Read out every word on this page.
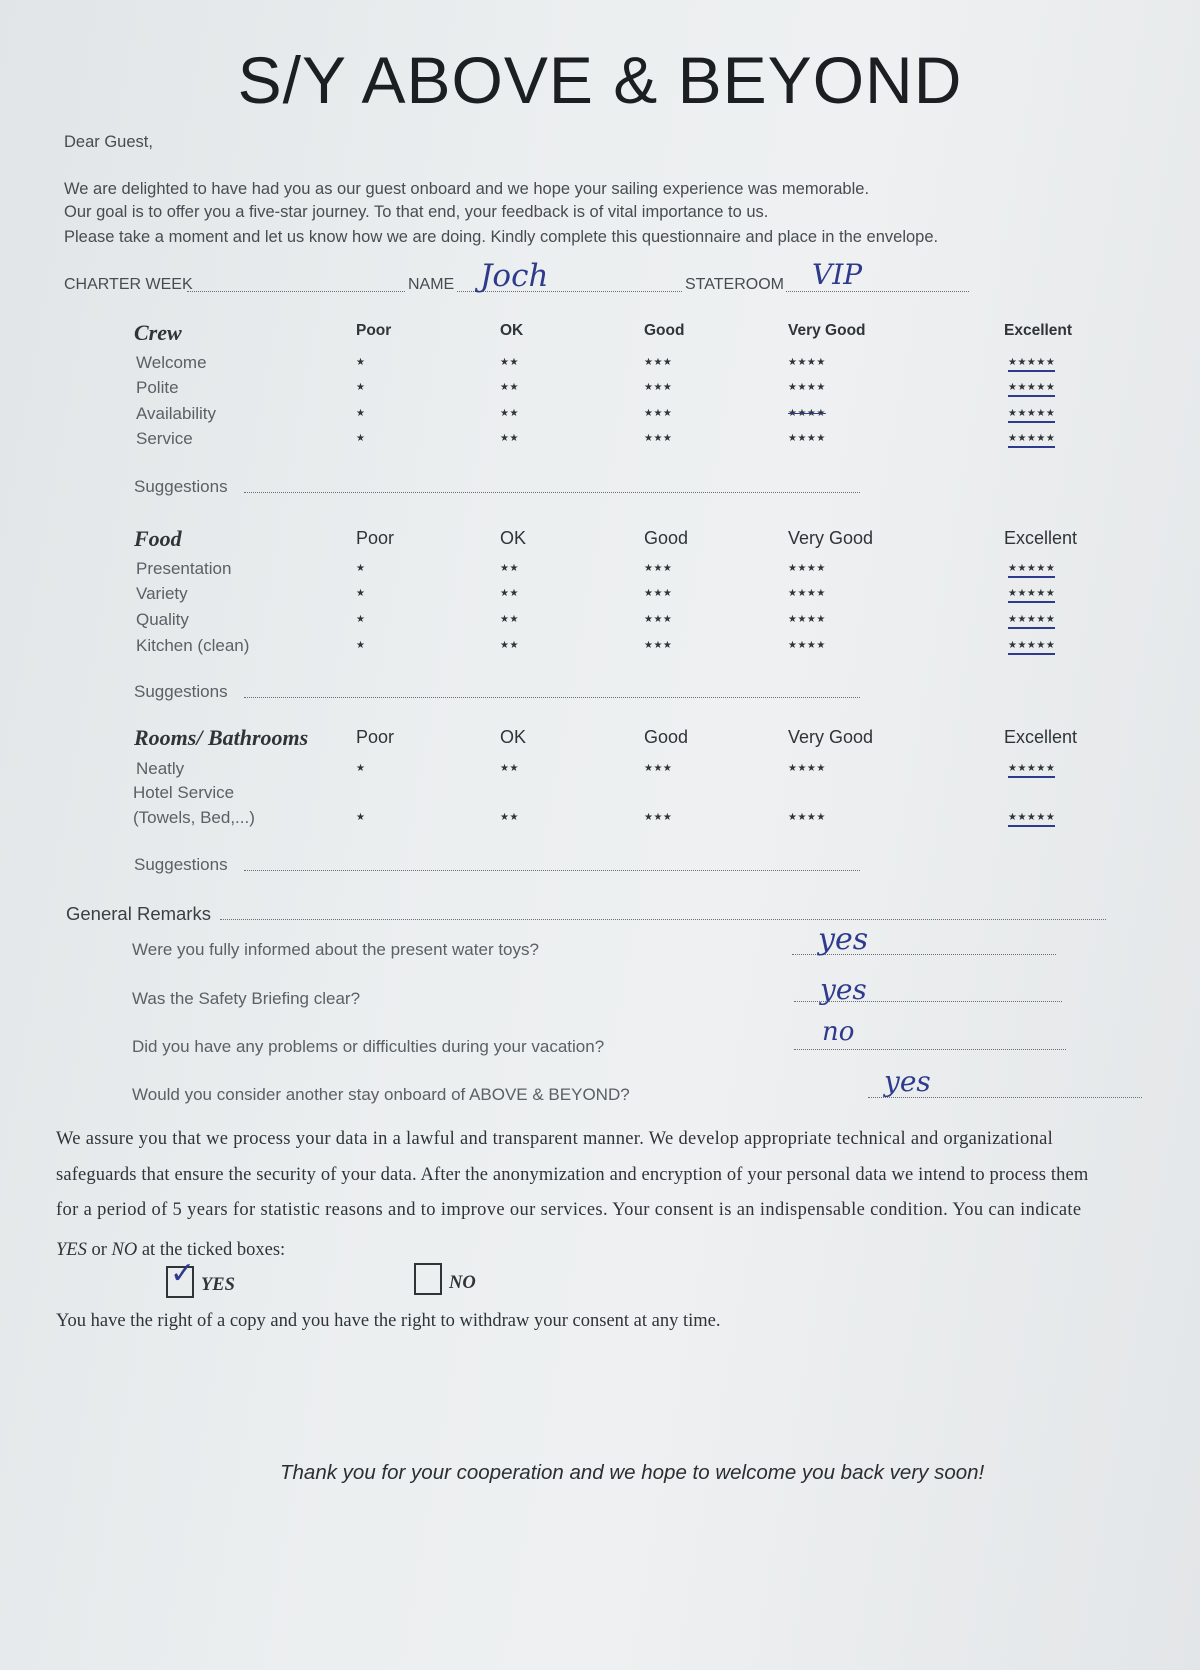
S/Y ABOVE & BEYOND
Dear Guest,
We are delighted to have had you as our guest onboard and we hope your sailing experience was memorable.
Our goal is to offer you a five-star journey. To that end, your feedback is of vital importance to us.
Please take a moment and let us know how we are doing. Kindly complete this questionnaire and place in the envelope.
CHARTER WEEK	NAME Joch	STATEROOM VIP
Crew	Poor	OK	Good	Very Good	Excellent
Welcome	★	★★	★★★	★★★★	★★★★★
Polite	★	★★	★★★	★★★★	★★★★★
Availability	★	★★	★★★	★★★★	★★★★★
Service	★	★★	★★★	★★★★	★★★★★
Suggestions
Food	Poor	OK	Good	Very Good	Excellent
Presentation	★	★★	★★★	★★★★	★★★★★
Variety	★	★★	★★★	★★★★	★★★★★
Quality	★	★★	★★★	★★★★	★★★★★
Kitchen (clean)	★	★★	★★★	★★★★	★★★★★
Suggestions
Rooms/ Bathrooms	Poor	OK	Good	Very Good	Excellent
Neatly	★	★★	★★★	★★★★	★★★★★
Hotel Service
(Towels, Bed,...)	★	★★	★★★	★★★★	★★★★★
Suggestions
General Remarks
Were you fully informed about the present water toys?	yes
Was the Safety Briefing clear?	yes
Did you have any problems or difficulties during your vacation?	no
Would you consider another stay onboard of ABOVE & BEYOND?	yes
We assure you that we process your data in a lawful and transparent manner. We develop appropriate technical and organizational
safeguards that ensure the security of your data. After the anonymization and encryption of your personal data we intend to process them
for a period of 5 years for statistic reasons and to improve our services. Your consent is an indispensable condition. You can indicate
YES or NO at the ticked boxes:
✓ YES	NO
You have the right of a copy and you have the right to withdraw your consent at any time.
Thank you for your cooperation and we hope to welcome you back very soon!
